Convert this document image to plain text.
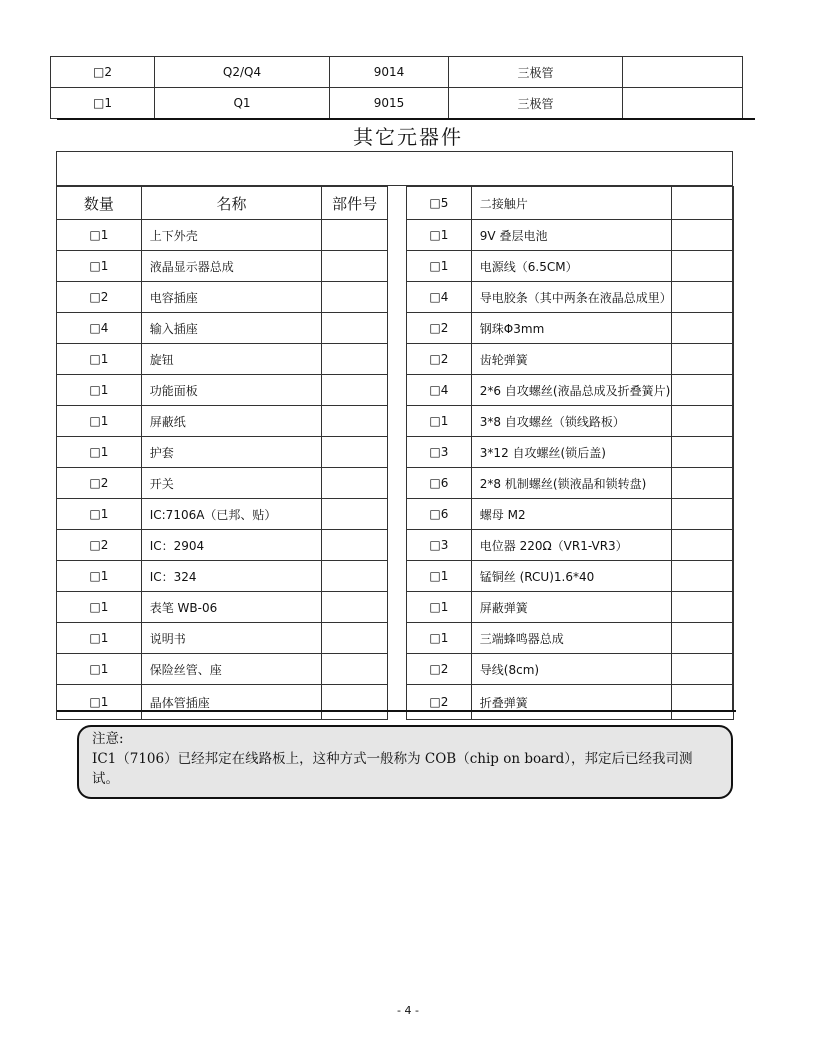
□2	Q2/Q4	9014	三极管	
□1	Q1	9015	三极管	
其它元器件
数量	名称	部件号
□1	上下外壳	
□1	液晶显示器总成	
□2	电容插座	
□4	输入插座	
□1	旋钮	
□1	功能面板	
□1	屏蔽纸	
□1	护套	
□2	开关	
□1	IC:7106A（已邦、贴）	
□2	IC：2904	
□1	IC：324	
□1	表笔 WB-06	
□1	说明书	
□1	保险丝管、座	
□1	晶体管插座	
□5	二接触片	
□1	9V 叠层电池	
□1	电源线（6.5CM）	
□4	导电胶条（其中两条在液晶总成里）	
□2	钢珠Φ3mm	
□2	齿轮弹簧	
□4	2*6 自攻螺丝(液晶总成及折叠簧片)	
□1	3*8 自攻螺丝（锁线路板）	
□3	3*12 自攻螺丝(锁后盖)	
□6	2*8 机制螺丝(锁液晶和锁转盘)	
□6	螺母 M2	
□3	电位器 220Ω（VR1-VR3）	
□1	锰铜丝 (RCU)1.6*40	
□1	屏蔽弹簧	
□1	三端蜂鸣器总成	
□2	导线(8cm)	
□2	折叠弹簧	
注意:
IC1（7106）已经邦定在线路板上，这种方式一般称为 COB（chip on board），邦定后已经我司测试。
- 4 -
